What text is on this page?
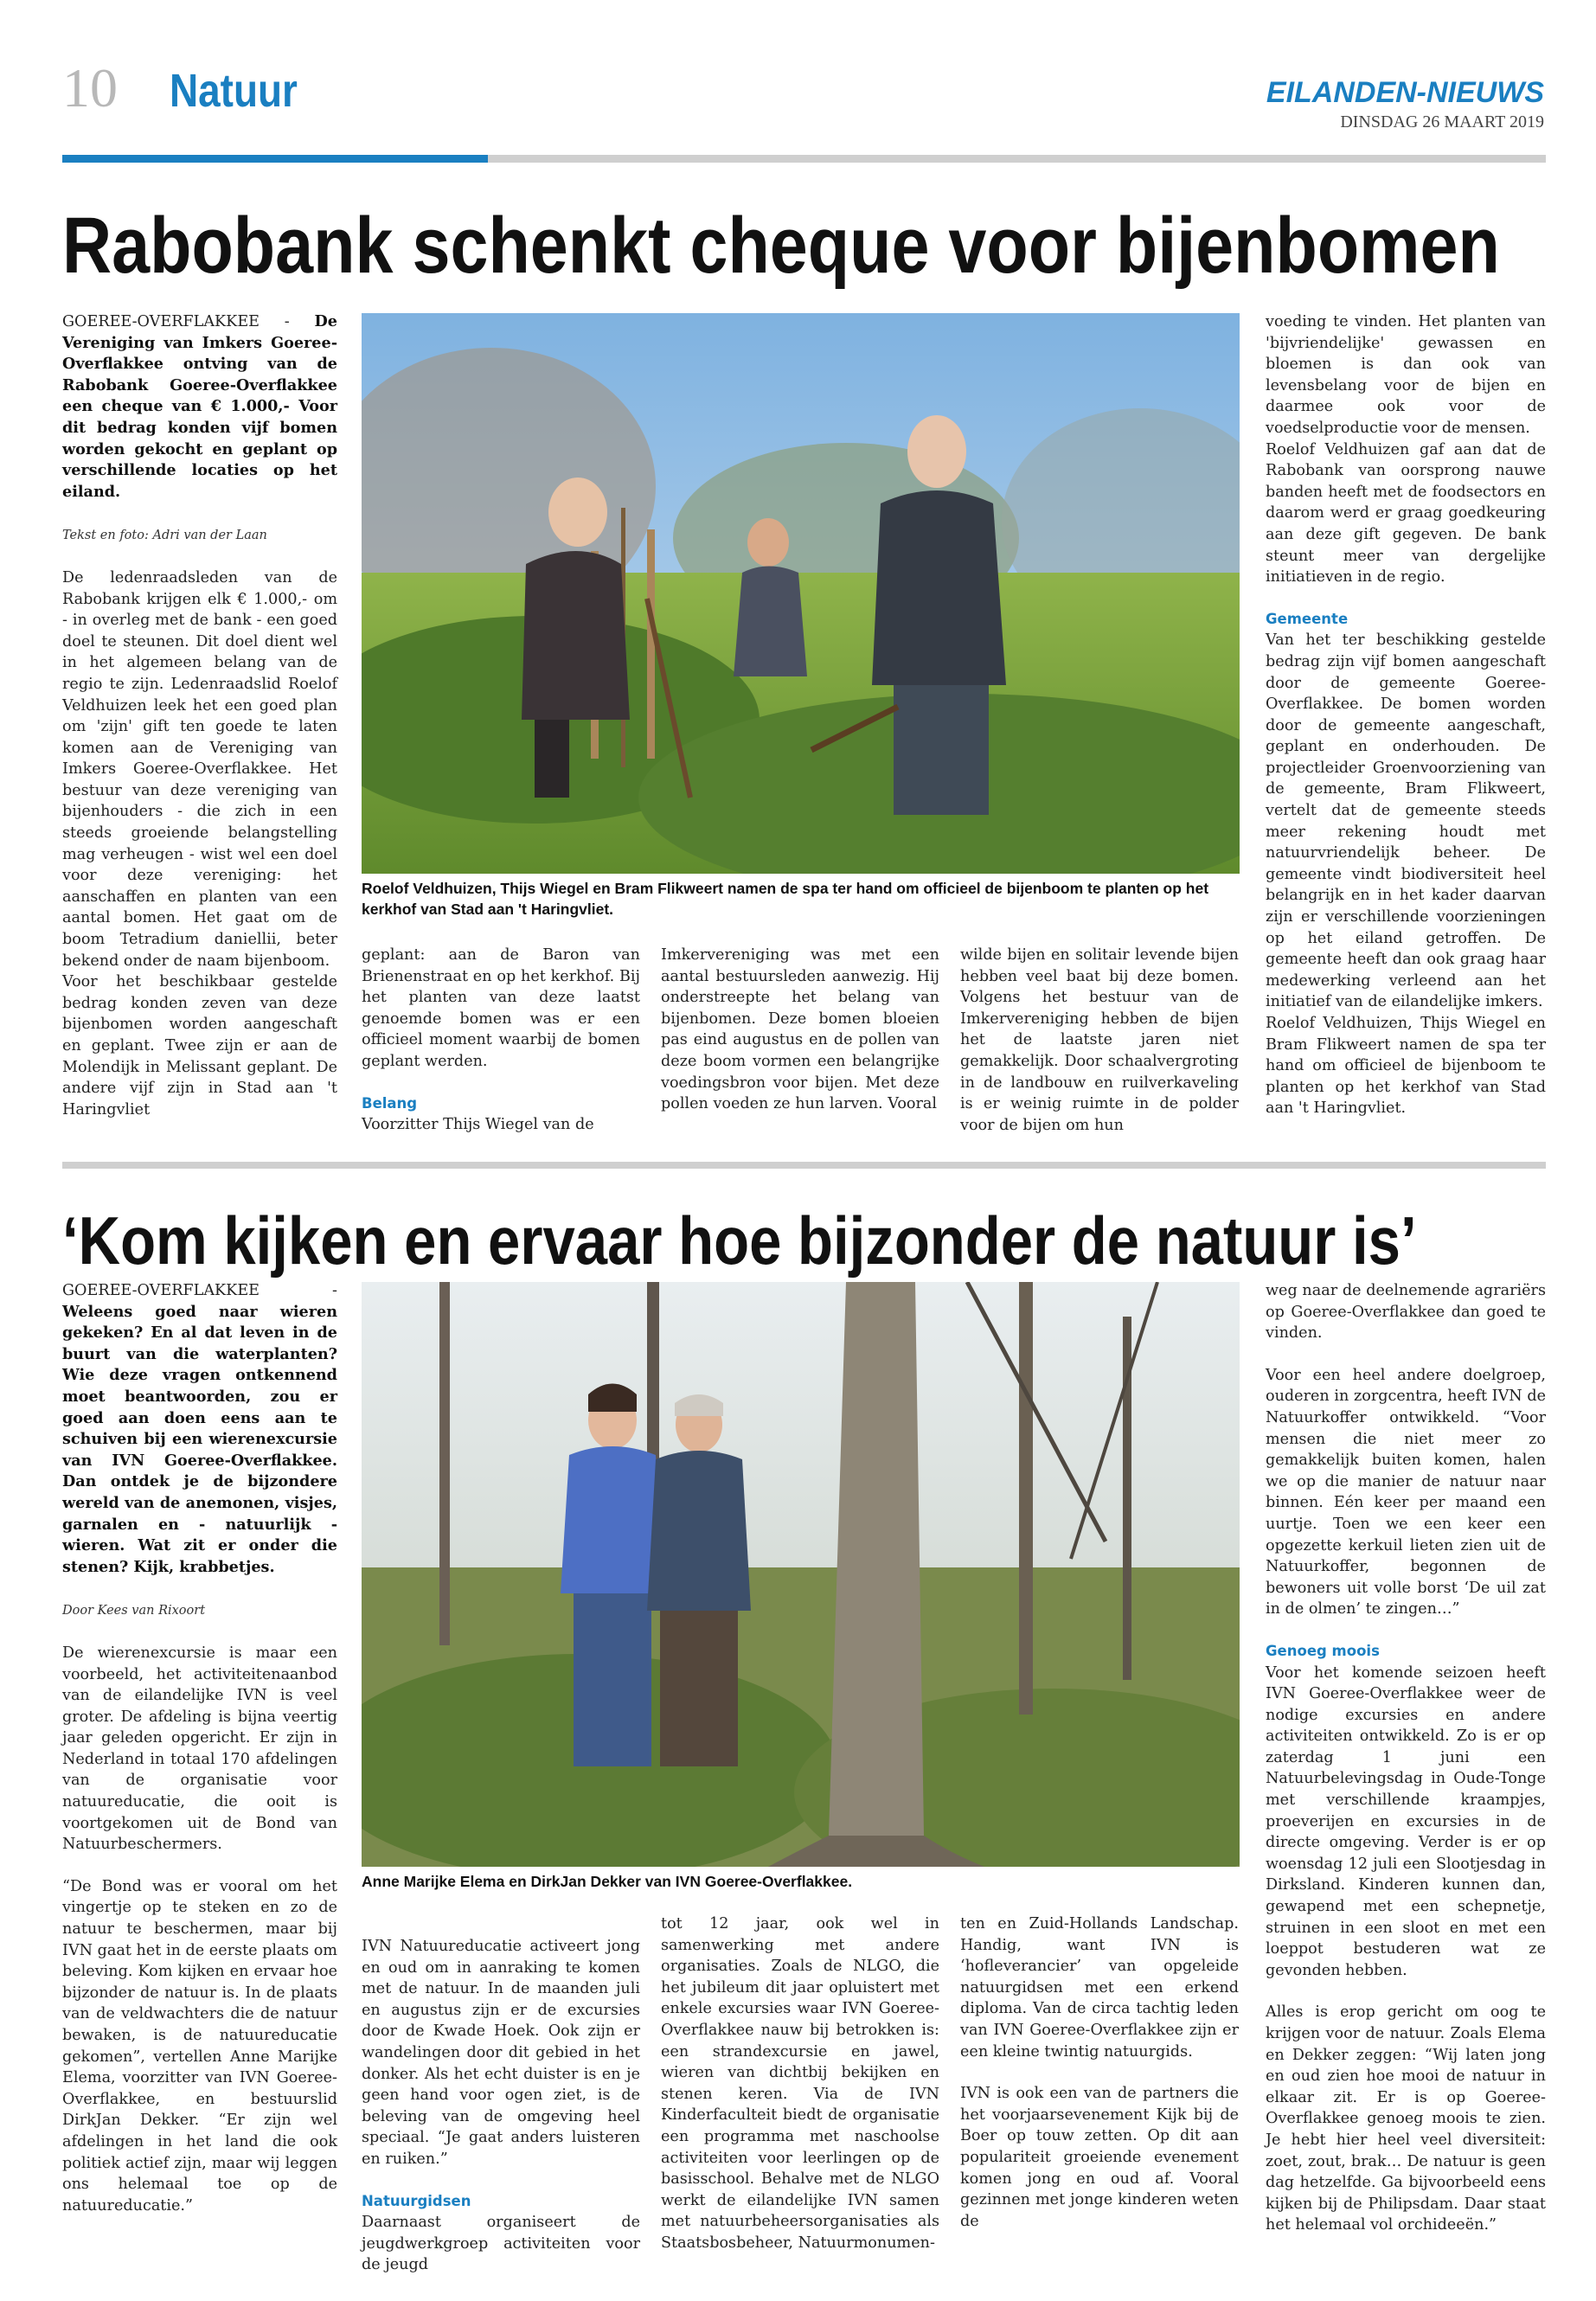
10 Natuur	EILANDEN-NIEUWS
DINSDAG 26 MAART 2019
Rabobank schenkt cheque voor bijenbomen

GOEREE-OVERFLAKKEE - De Vereniging van Imkers Goeree-Overflakkee ontving van de Rabobank Goeree-Overflakkee een cheque van € 1.000,- Voor dit bedrag konden vijf bomen worden gekocht en geplant op verschillende locaties op het eiland.

Tekst en foto: Adri van der Laan

De ledenraadsleden van de Rabobank krijgen elk € 1.000,- om - in overleg met de bank - een goed doel te steunen. Dit doel dient wel in het algemeen belang van de regio te zijn. Ledenraadslid Roelof Veldhuizen leek het een goed plan om 'zijn' gift ten goede te laten komen aan de Vereniging van Imkers Goeree-Overflakkee. Het bestuur van deze vereniging van bijenhouders - die zich in een steeds groeiende belangstelling mag verheugen - wist wel een doel voor deze vereniging: het aanschaffen en planten van een aantal bomen. Het gaat om de boom Tetradium daniellii, beter bekend onder de naam bijenboom.

Voor het beschikbaar gestelde bedrag konden zeven van deze bijenbomen worden aangeschaft en geplant. Twee zijn er aan de Molendijk in Melissant geplant. De andere vijf zijn in Stad aan 't Haringvliet

Roelof Veldhuizen, Thijs Wiegel en Bram Flikweert namen de spa ter hand om officieel de bijenboom te planten op het kerkhof van Stad aan 't Haringvliet.

geplant: aan de Baron van Brienenstraat en op het kerkhof. Bij het planten van deze laatst genoemde bomen was er een officieel moment waarbij de bomen geplant werden.

Belang

Voorzitter Thijs Wiegel van de

Imkervereniging was met een aantal bestuursleden aanwezig. Hij onderstreepte het belang van bijenbomen. Deze bomen bloeien pas eind augustus en de pollen van deze boom vormen een belangrijke voedingsbron voor bijen. Met deze pollen voeden ze hun larven. Vooral

wilde bijen en solitair levende bijen hebben veel baat bij deze bomen. Volgens het bestuur van de Imkervereniging hebben de bijen het de laatste jaren niet gemakkelijk. Door schaalvergroting in de landbouw en ruilverkaveling is er weinig ruimte in de polder voor de bijen om hun

voeding te vinden. Het planten van 'bijvriendelijke' gewassen en bloemen is dan ook van levensbelang voor de bijen en daarmee ook voor de voedselproductie voor de mensen.

Roelof Veldhuizen gaf aan dat de Rabobank van oorsprong nauwe banden heeft met de foodsectors en daarom werd er graag goedkeuring aan deze gift gegeven. De bank steunt meer van dergelijke initiatieven in de regio.

Gemeente

Van het ter beschikking gestelde bedrag zijn vijf bomen aangeschaft door de gemeente Goeree-Overflakkee. De bomen worden door de gemeente aangeschaft, geplant en onderhouden. De projectleider Groenvoorziening van de gemeente, Bram Flikweert, vertelt dat de gemeente steeds meer rekening houdt met natuurvriendelijk beheer. De gemeente vindt biodiversiteit heel belangrijk en in het kader daarvan zijn er verschillende voorzieningen op het eiland getroffen. De gemeente heeft dan ook graag haar medewerking verleend aan het initiatief van de eilandelijke imkers.

Roelof Veldhuizen, Thijs Wiegel en Bram Flikweert namen de spa ter hand om officieel de bijenboom te planten op het kerkhof van Stad aan 't Haringvliet.

‘Kom kijken en ervaar hoe bijzonder de natuur is’

GOEREE-OVERFLAKKEE - Weleens goed naar wieren gekeken? En al dat leven in de buurt van die waterplanten? Wie deze vragen ontkennend moet beantwoorden, zou er goed aan doen eens aan te schuiven bij een wierenexcursie van IVN Goeree-Overflakkee. Dan ontdek je de bijzondere wereld van de anemonen, visjes, garnalen en - natuurlijk - wieren. Wat zit er onder die stenen? Kijk, krabbetjes.

Door Kees van Rixoort

De wierenexcursie is maar een voorbeeld, het activiteitenaanbod van de eilandelijke IVN is veel groter. De afdeling is bijna veertig jaar geleden opgericht. Er zijn in Nederland in totaal 170 afdelingen van de organisatie voor natuureducatie, die ooit is voortgekomen uit de Bond van Natuurbeschermers.

“De Bond was er vooral om het vingertje op te steken en zo de natuur te beschermen, maar bij IVN gaat het in de eerste plaats om beleving. Kom kijken en ervaar hoe bijzonder de natuur is. In de plaats van de veldwachters die de natuur bewaken, is de natuureducatie gekomen”, vertellen Anne Marijke Elema, voorzitter van IVN Goeree-Overflakkee, en bestuurslid DirkJan Dekker. “Er zijn wel afdelingen in het land die ook politiek actief zijn, maar wij leggen ons helemaal toe op de natuureducatie.”

Anne Marijke Elema en DirkJan Dekker van IVN Goeree-Overflakkee.

IVN Natuureducatie activeert jong en oud om in aanraking te komen met de natuur. In de maanden juli en augustus zijn er de excursies door de Kwade Hoek. Ook zijn er wandelingen door dit gebied in het donker. Als het echt duister is en je geen hand voor ogen ziet, is de beleving van de omgeving heel speciaal. “Je gaat anders luisteren en ruiken.”

Natuurgidsen

Daarnaast organiseert de jeugdwerkgroep activiteiten voor de jeugd

tot 12 jaar, ook wel in samenwerking met andere organisaties. Zoals de NLGO, die het jubileum dit jaar opluistert met enkele excursies waar IVN Goeree-Overflakkee nauw bij betrokken is: een strandexcursie en jawel, wieren van dichtbij bekijken en stenen keren. Via de IVN Kinderfaculteit biedt de organisatie een programma met naschoolse activiteiten voor leerlingen op de basisschool. Behalve met de NLGO werkt de eilandelijke IVN samen met natuurbeheersorganisaties als Staatsbosbeheer, Natuurmonumen-

ten en Zuid-Hollands Landschap. Handig, want IVN is ‘hofleverancier’ van opgeleide natuurgidsen met een erkend diploma. Van de circa tachtig leden van IVN Goeree-Overflakkee zijn er een kleine twintig natuurgids.

IVN is ook een van de partners die het voorjaarsevenement Kijk bij de Boer op touw zetten. Op dit aan populariteit groeiende evenement komen jong en oud af. Vooral gezinnen met jonge kinderen weten de

weg naar de deelnemende agrariërs op Goeree-Overflakkee dan goed te vinden.

Voor een heel andere doelgroep, ouderen in zorgcentra, heeft IVN de Natuurkoffer ontwikkeld. “Voor mensen die niet meer zo gemakkelijk buiten komen, halen we op die manier de natuur naar binnen. Eén keer per maand een uurtje. Toen we een keer een opgezette kerkuil lieten zien uit de Natuurkoffer, begonnen de bewoners uit volle borst ‘De uil zat in de olmen’ te zingen…”

Genoeg moois

Voor het komende seizoen heeft IVN Goeree-Overflakkee weer de nodige excursies en andere activiteiten ontwikkeld. Zo is er op zaterdag 1 juni een Natuurbelevingsdag in Oude-Tonge met verschillende kraampjes, proeverijen en excursies in de directe omgeving. Verder is er op woensdag 12 juli een Slootjesdag in Dirksland. Kinderen kunnen dan, gewapend met een schepnetje, struinen in een sloot en met een loeppot bestuderen wat ze gevonden hebben.

Alles is erop gericht om oog te krijgen voor de natuur. Zoals Elema en Dekker zeggen: “Wij laten jong en oud zien hoe mooi de natuur in elkaar zit. Er is op Goeree-Overflakkee genoeg moois te zien. Je hebt hier heel veel diversiteit: zoet, zout, brak… De natuur is geen dag hetzelfde. Ga bijvoorbeeld eens kijken bij de Philipsdam. Daar staat het helemaal vol orchideeën.”
